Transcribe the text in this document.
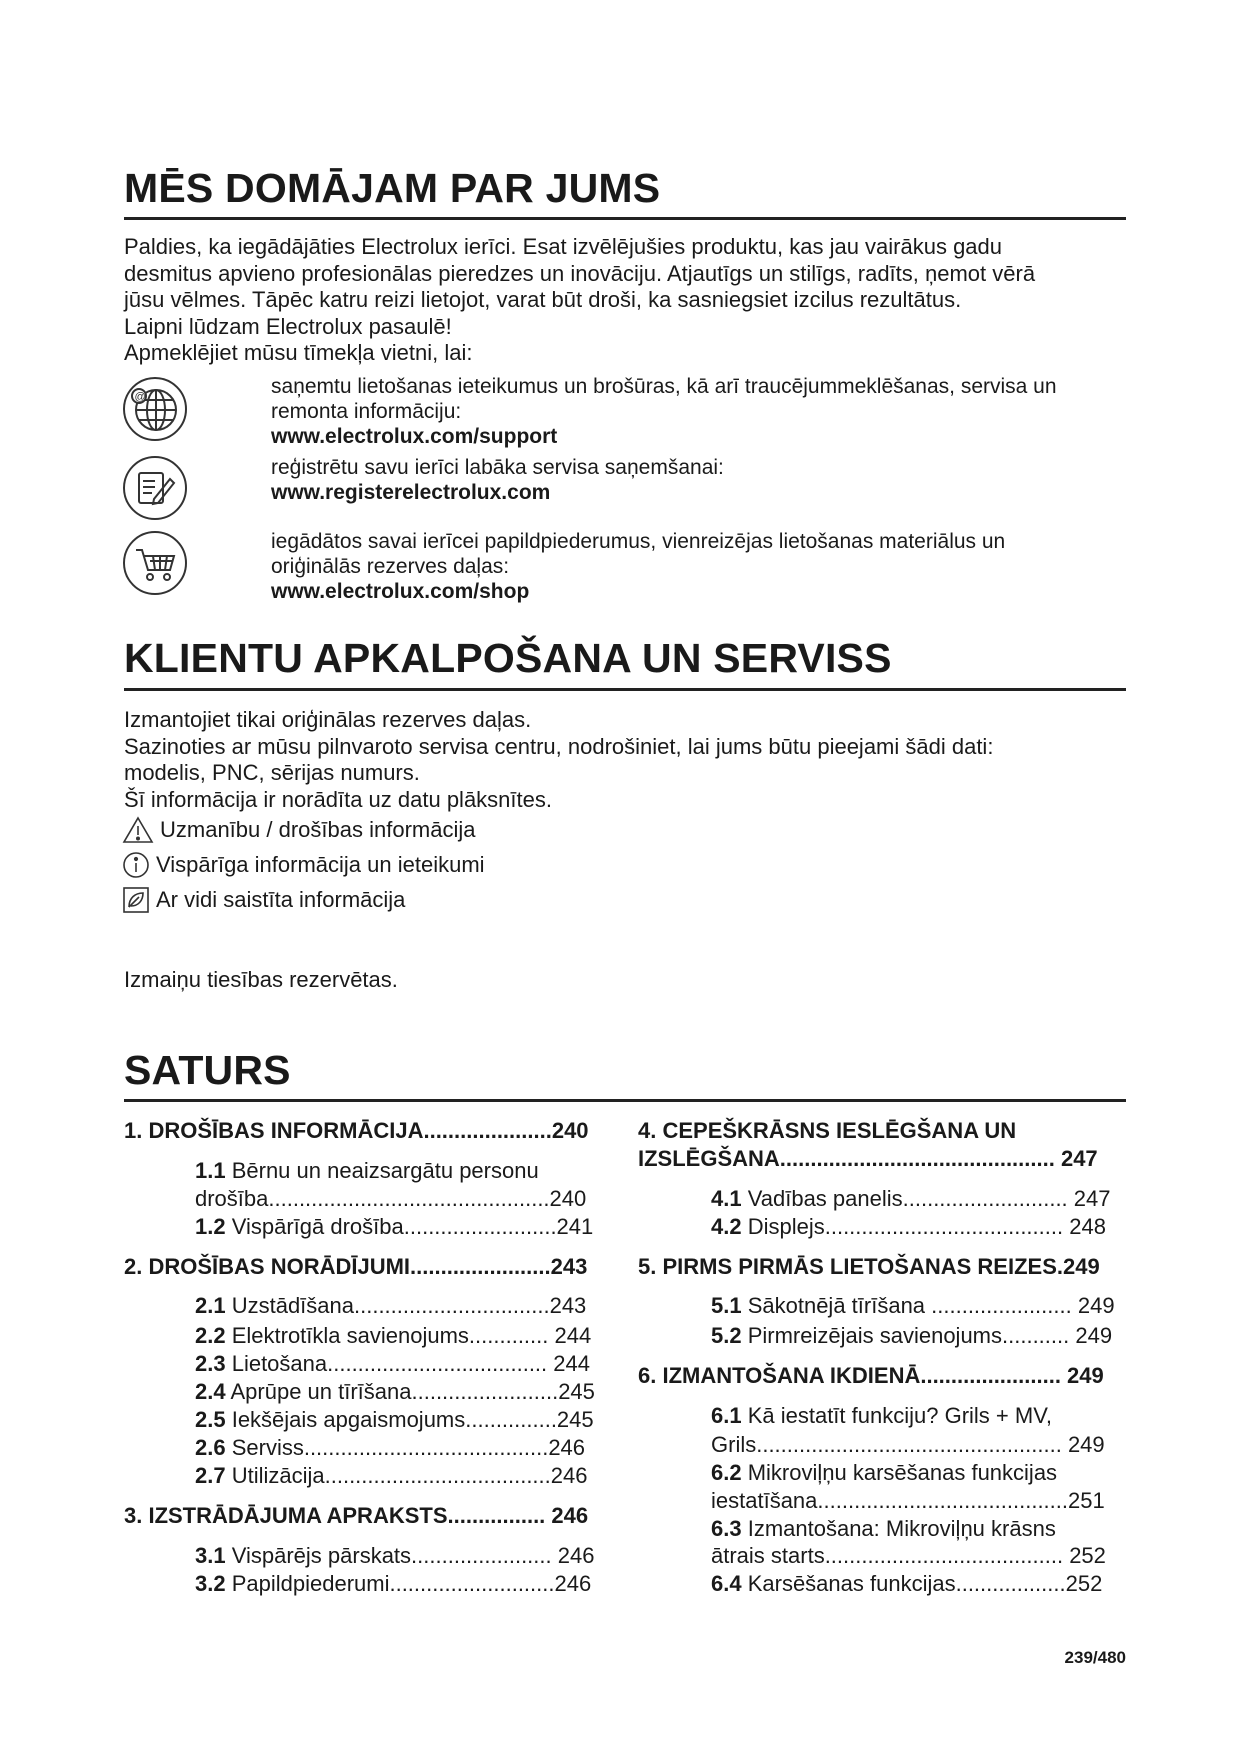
MĒS DOMĀJAM PAR JUMS
Paldies, ka iegādājāties Electrolux ierīci. Esat izvēlējušies produktu, kas jau vairākus gadu
desmitus apvieno profesionālas pieredzes un inovāciju. Atjautīgs un stilīgs, radīts, ņemot vērā
jūsu vēlmes. Tāpēc katru reizi lietojot, varat būt droši, ka sasniegsiet izcilus rezultātus.
Laipni lūdzam Electrolux pasaulē!
Apmeklējiet mūsu tīmekļa vietni, lai:
@	saņemtu lietošanas ieteikumus un brošūras, kā arī traucējummeklēšanas, servisa un
remonta informāciju:
www.electrolux.com/support
reģistrētu savu ierīci labāka servisa saņemšanai:
www.registerelectrolux.com
iegādātos savai ierīcei papildpiederumus, vienreizējas lietošanas materiālus un
oriģinālās rezerves daļas:
www.electrolux.com/shop
KLIENTU APKALPOŠANA UN SERVISS
Izmantojiet tikai oriģinālas rezerves daļas.
Sazinoties ar mūsu pilnvaroto servisa centru, nodrošiniet, lai jums būtu pieejami šādi dati:
modelis, PNC, sērijas numurs.
Šī informācija ir norādīta uz datu plāksnītes.
Uzmanību / drošības informācija
Vispārīga informācija un ieteikumi
Ar vidi saistīta informācija
Izmaiņu tiesības rezervētas.
SATURS
1. DROŠĪBAS INFORMĀCIJA.....................240
1.1 Bērnu un neaizsargātu personu
drošība..............................................240
1.2 Vispārīgā drošība.........................241
2. DROŠĪBAS NORĀDĪJUMI.......................243
2.1 Uzstādīšana................................243
2.2 Elektrotīkla savienojums............. 244
2.3 Lietošana.................................... 244
2.4 Aprūpe un tīrīšana........................245
2.5 Iekšējais apgaismojums...............245
2.6 Serviss........................................246
2.7 Utilizācija.....................................246
3. IZSTRĀDĀJUMA APRAKSTS................ 246
3.1 Vispārējs pārskats....................... 246
3.2 Papildpiederumi...........................246
4. CEPEŠKRĀSNS IESLĒGŠANA UN
IZSLĒGŠANA............................................. 247
4.1 Vadības panelis........................... 247
4.2 Displejs....................................... 248
5. PIRMS PIRMĀS LIETOŠANAS REIZES.249
5.1 Sākotnējā tīrīšana ....................... 249
5.2 Pirmreizējais savienojums........... 249
6. IZMANTOŠANA IKDIENĀ....................... 249
6.1 Kā iestatīt funkciju? Grils + MV,
Grils.................................................. 249
6.2 Mikroviļņu karsēšanas funkcijas
iestatīšana.........................................251
6.3 Izmantošana: Mikroviļņu krāsns
ātrais starts....................................... 252
6.4 Karsēšanas funkcijas..................252
239/480
